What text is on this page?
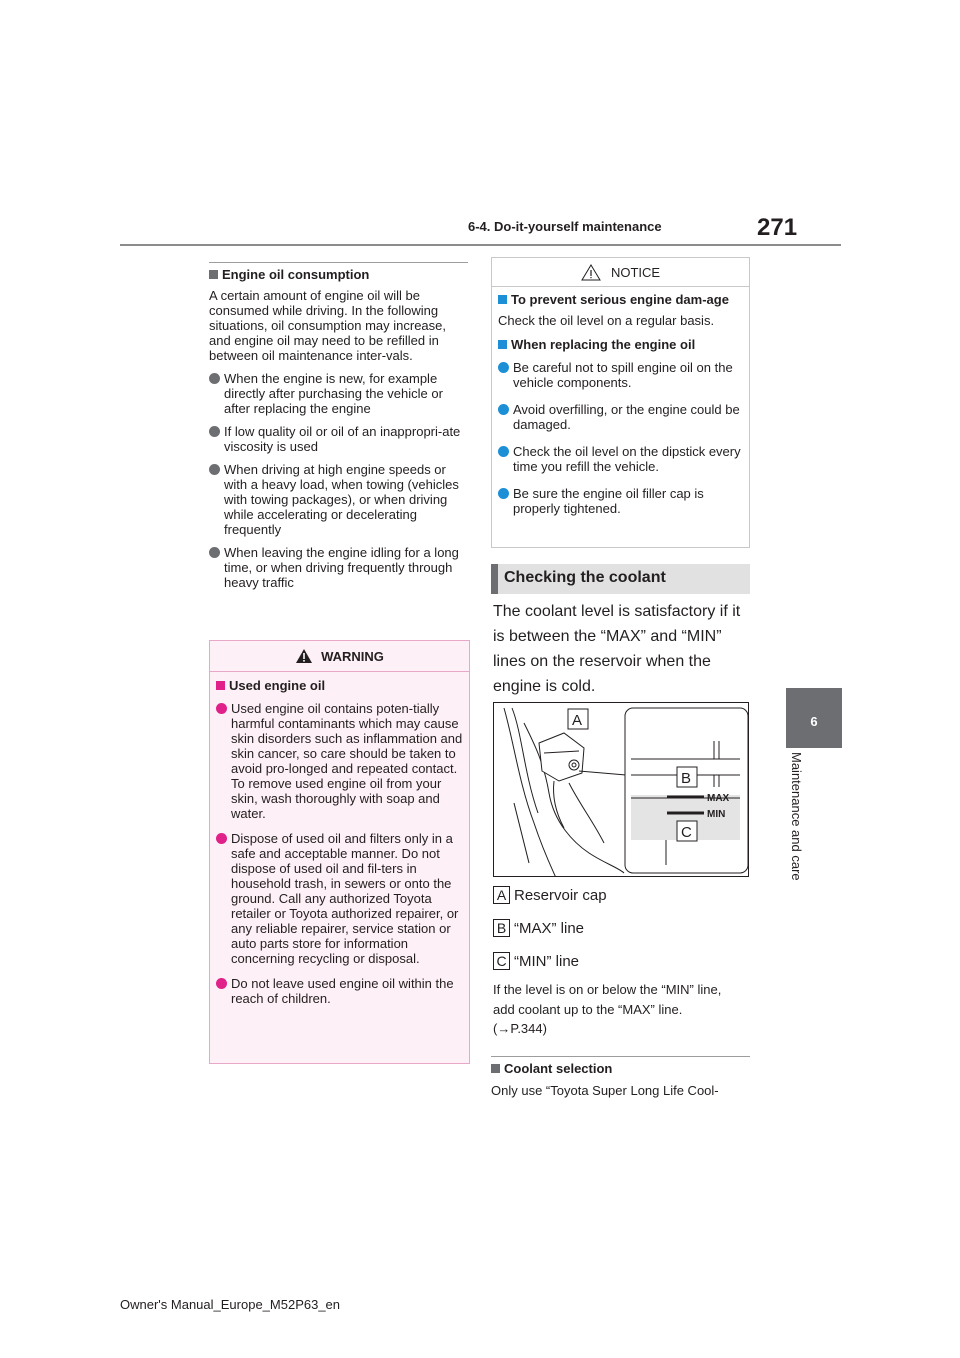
6-4. Do-it-yourself maintenance	271
6
Maintenance and care
Engine oil consumption
A certain amount of engine oil will be consumed while driving. In the following situations, oil consumption may increase, and engine oil may need to be refilled in between oil maintenance inter-vals.
When the engine is new, for example directly after purchasing the vehicle or after replacing the engine
If low quality oil or oil of an inappropri-ate viscosity is used
When driving at high engine speeds or with a heavy load, when towing (vehicles with towing packages), or when driving while accelerating or decelerating frequently
When leaving the engine idling for a long time, or when driving frequently through heavy traffic
WARNING
Used engine oil
Used engine oil contains poten-tially harmful contaminants which may cause skin disorders such as inflammation and skin cancer, so care should be taken to avoid pro-longed and repeated contact. To remove used engine oil from your skin, wash thoroughly with soap and water.
Dispose of used oil and filters only in a safe and acceptable manner. Do not dispose of used oil and fil-ters in household trash, in sewers or onto the ground. Call any authorized Toyota retailer or Toyota authorized repairer, or any reliable repairer, service station or auto parts store for information concerning recycling or disposal.
Do not leave used engine oil within the reach of children.
NOTICE
To prevent serious engine dam-age
Check the oil level on a regular basis.
When replacing the engine oil
Be careful not to spill engine oil on the vehicle components.
Avoid overfilling, or the engine could be damaged.
Check the oil level on the dipstick every time you refill the vehicle.
Be sure the engine oil filler cap is properly tightened.
Checking the coolant
The coolant level is satisfactory if it is between the “MAX” and “MIN” lines on the reservoir when the engine is cold.
MAX
MIN
A
B
C
A Reservoir cap
B “MAX” line
C “MIN” line
If the level is on or below the “MIN” line,
add coolant up to the “MAX” line.
(→P.344)
Coolant selection
Only use “Toyota Super Long Life Cool-
Owner's Manual_Europe_M52P63_en
